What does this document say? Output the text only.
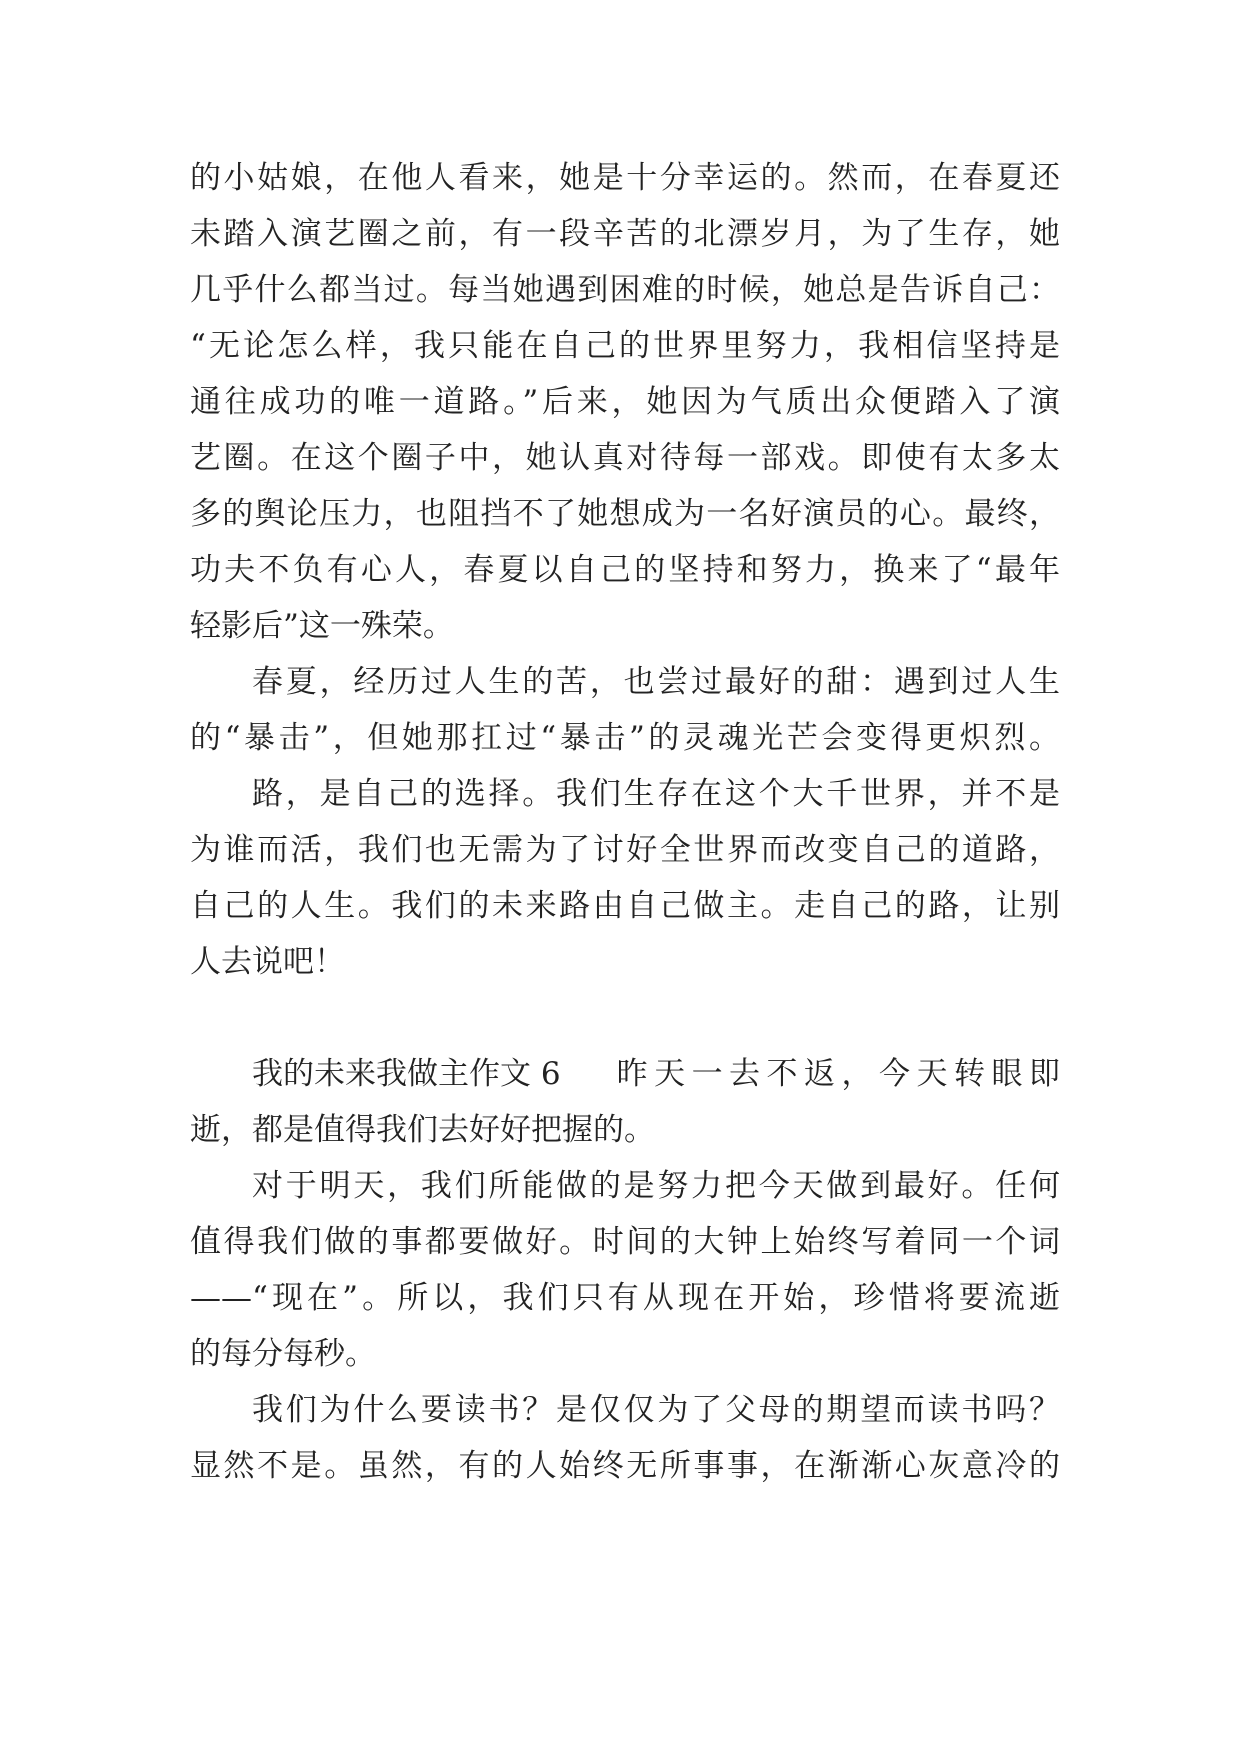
的小姑娘，在他人看来，她是十分幸运的。然而，在春夏还
未踏入演艺圈之前，有一段辛苦的北漂岁月，为了生存，她
几乎什么都当过。每当她遇到困难的时候，她总是告诉自己：
“无论怎么样，我只能在自己的世界里努力，我相信坚持是
通往成功的唯一道路。”后来，她因为气质出众便踏入了演
艺圈。在这个圈子中，她认真对待每一部戏。即使有太多太
多的舆论压力，也阻挡不了她想成为一名好演员的心。最终，
功夫不负有心人，春夏以自己的坚持和努力，换来了“最年
轻影后”这一殊荣。
春夏，经历过人生的苦，也尝过最好的甜：遇到过人生
的“暴击”，但她那扛过“暴击”的灵魂光芒会变得更炽烈。
路，是自己的选择。我们生存在这个大千世界，并不是
为谁而活，我们也无需为了讨好全世界而改变自己的道路，
自己的人生。我们的未来路由自己做主。走自己的路，让别
人去说吧！
我的未来我做主作文 6 昨天一去不返，今天转眼即
逝，都是值得我们去好好把握的。
对于明天，我们所能做的是努力把今天做到最好。任何
值得我们做的事都要做好。时间的大钟上始终写着同一个词
——“现在”。所以，我们只有从现在开始，珍惜将要流逝
的每分每秒。
我们为什么要读书？是仅仅为了父母的期望而读书吗？
显然不是。虽然，有的人始终无所事事，在渐渐心灰意冷的
